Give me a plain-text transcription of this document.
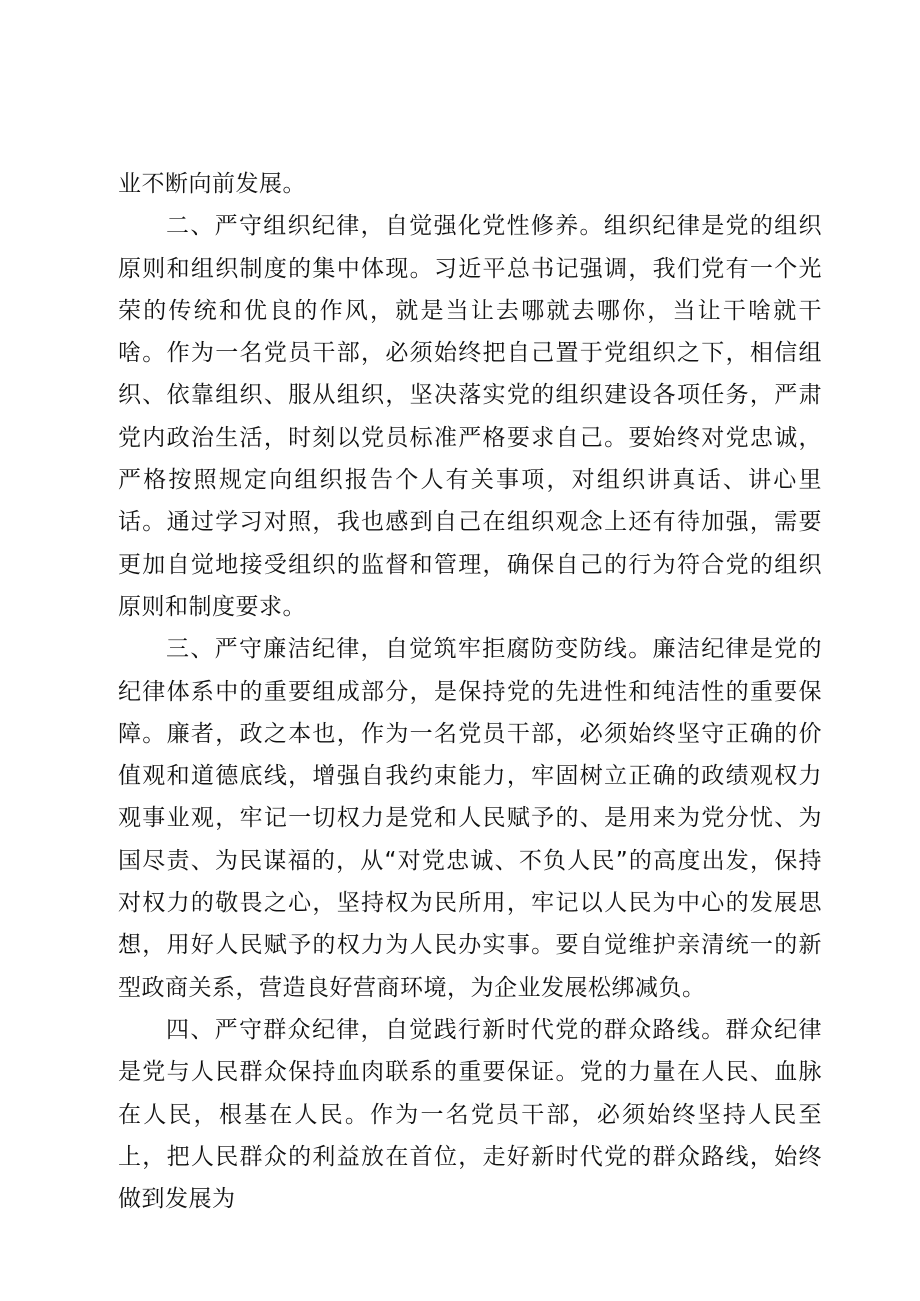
业不断向前发展。

二、严守组织纪律，自觉强化党性修养。组织纪律是党的组织原则和组织制度的集中体现。习近平总书记强调，我们党有一个光荣的传统和优良的作风，就是当让去哪就去哪你，当让干啥就干啥。作为一名党员干部，必须始终把自己置于党组织之下，相信组织、依靠组织、服从组织，坚决落实党的组织建设各项任务，严肃党内政治生活，时刻以党员标准严格要求自己。要始终对党忠诚，严格按照规定向组织报告个人有关事项，对组织讲真话、讲心里话。通过学习对照，我也感到自己在组织观念上还有待加强，需要更加自觉地接受组织的监督和管理，确保自己的行为符合党的组织原则和制度要求。

三、严守廉洁纪律，自觉筑牢拒腐防变防线。廉洁纪律是党的纪律体系中的重要组成部分，是保持党的先进性和纯洁性的重要保障。廉者，政之本也，作为一名党员干部，必须始终坚守正确的价值观和道德底线，增强自我约束能力，牢固树立正确的政绩观权力观事业观，牢记一切权力是党和人民赋予的、是用来为党分忧、为国尽责、为民谋福的，从“对党忠诚、不负人民”的高度出发，保持对权力的敬畏之心，坚持权为民所用，牢记以人民为中心的发展思想，用好人民赋予的权力为人民办实事。要自觉维护亲清统一的新型政商关系，营造良好营商环境，为企业发展松绑减负。

四、严守群众纪律，自觉践行新时代党的群众路线。群众纪律是党与人民群众保持血肉联系的重要保证。党的力量在人民、血脉在人民，根基在人民。作为一名党员干部，必须始终坚持人民至上，把人民群众的利益放在首位，走好新时代党的群众路线，始终做到发展为
